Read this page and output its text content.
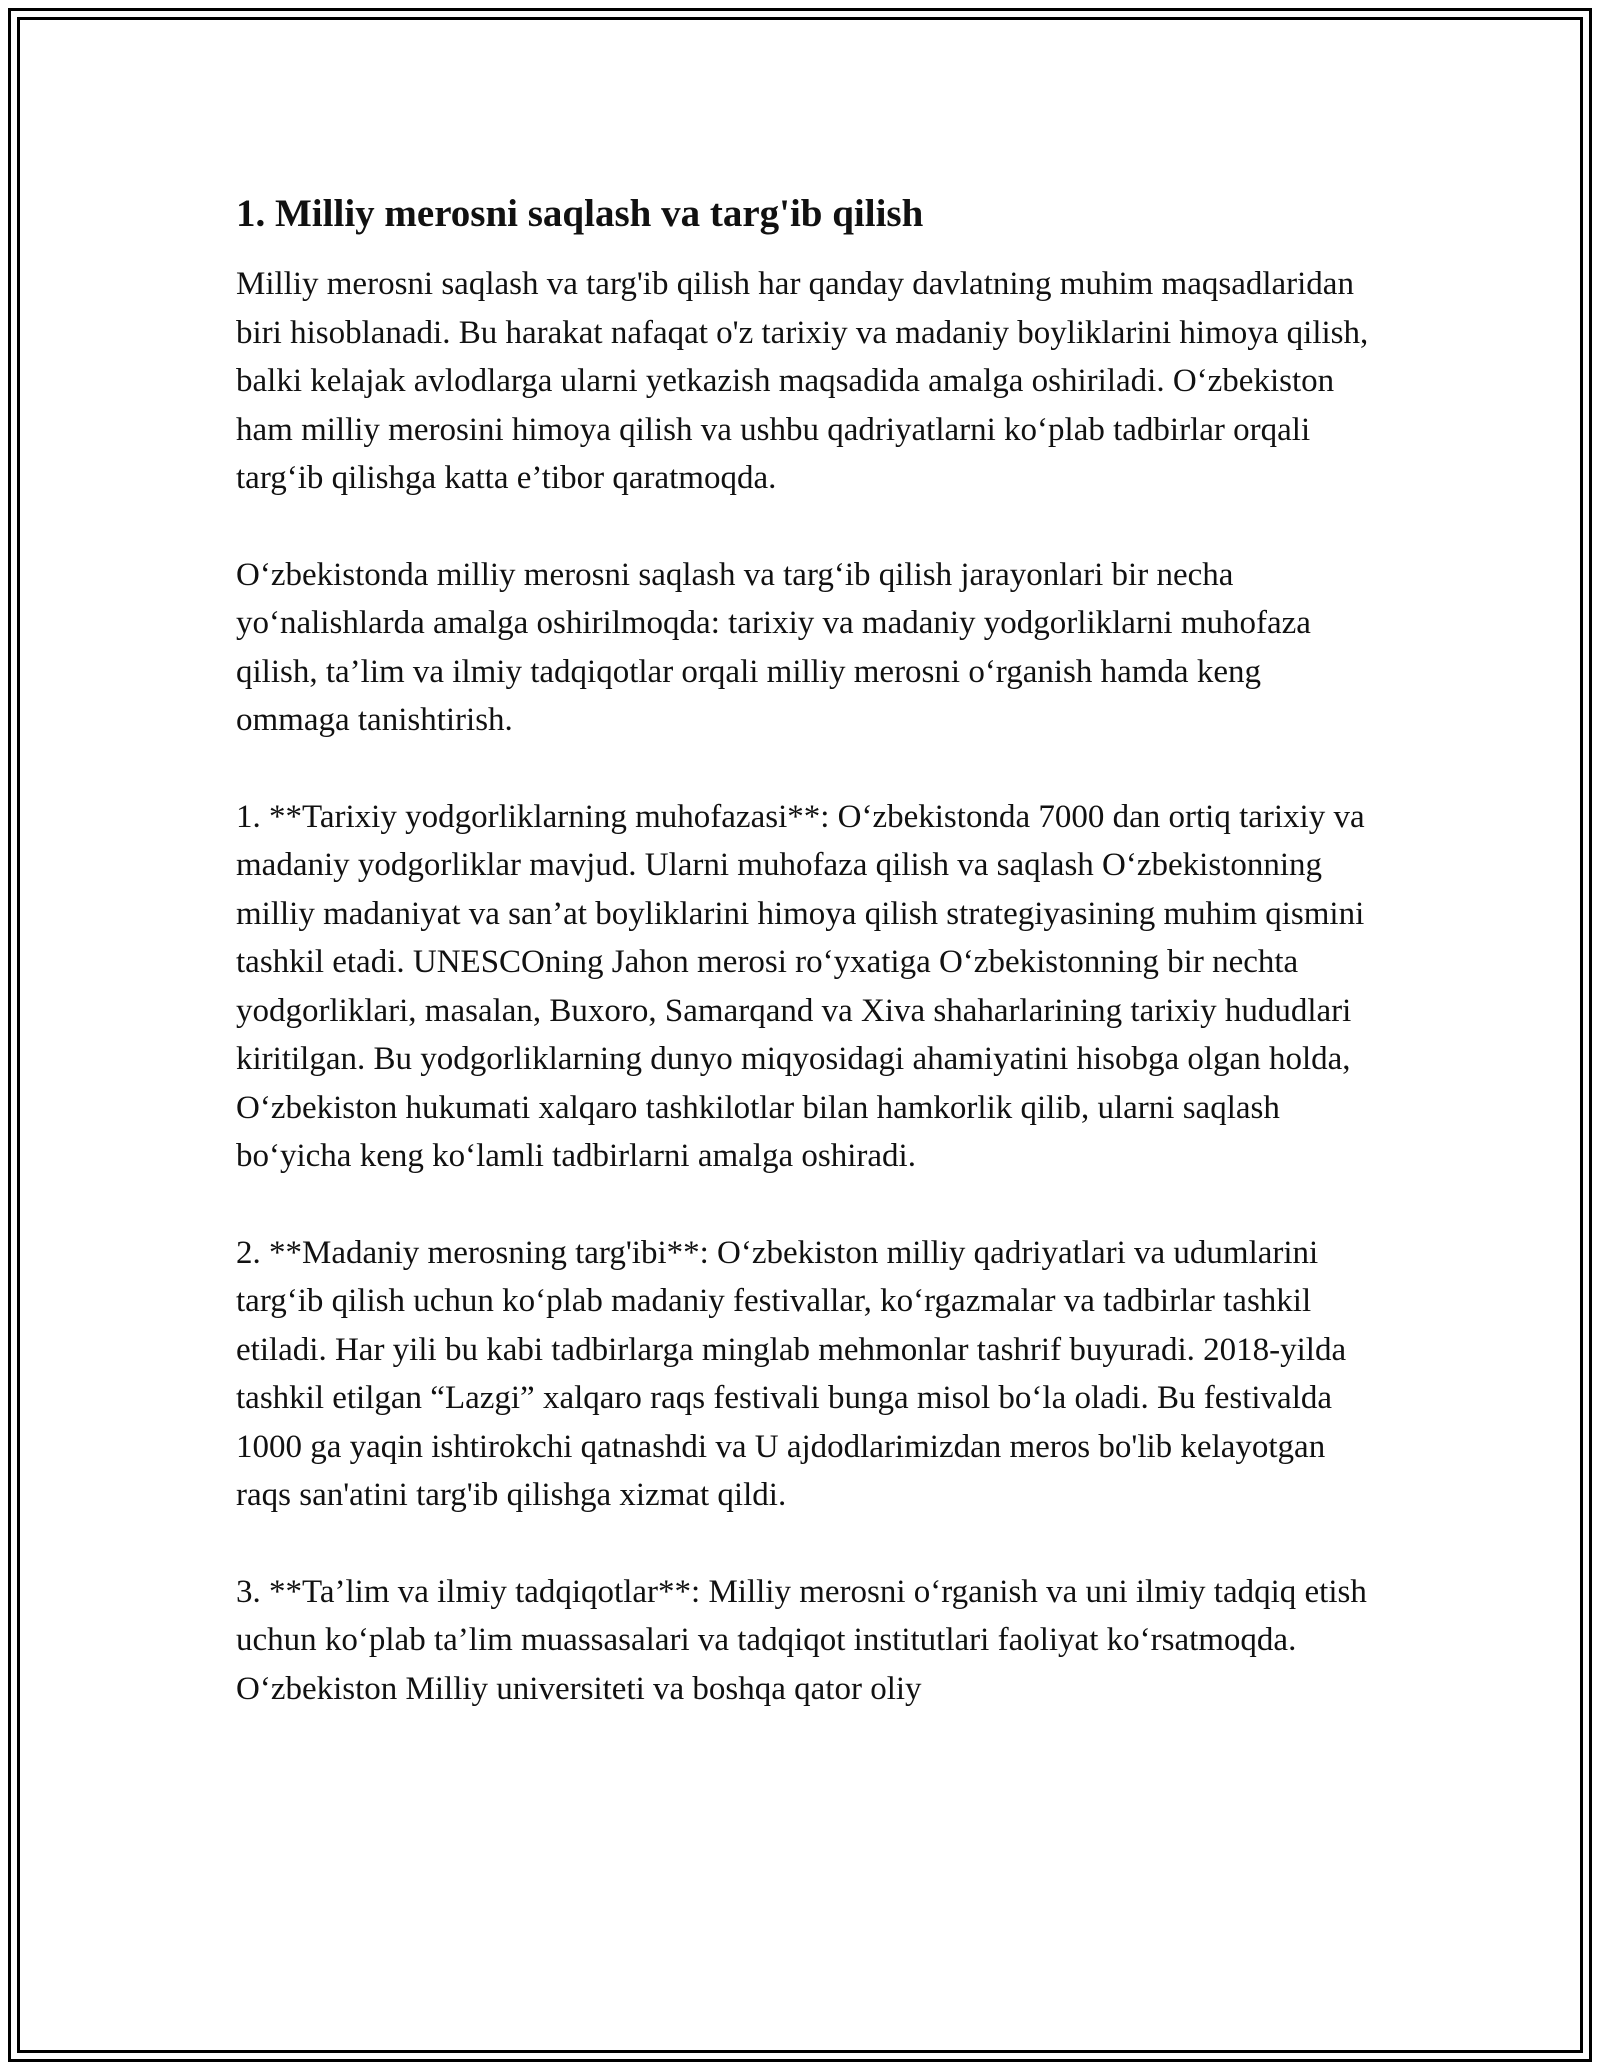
1. Milliy merosni saqlash va targ'ib qilish

Milliy merosni saqlash va targ'ib qilish har qanday davlatning muhim maqsadlaridan biri hisoblanadi. Bu harakat nafaqat o'z tarixiy va madaniy boyliklarini himoya qilish, balki kelajak avlodlarga ularni yetkazish maqsadida amalga oshiriladi. O‘zbekiston ham milliy merosini himoya qilish va ushbu qadriyatlarni ko‘plab tadbirlar orqali targ‘ib qilishga katta e’tibor qaratmoqda.

O‘zbekistonda milliy merosni saqlash va targ‘ib qilish jarayonlari bir necha yo‘nalishlarda amalga oshirilmoqda: tarixiy va madaniy yodgorliklarni muhofaza qilish, ta’lim va ilmiy tadqiqotlar orqali milliy merosni o‘rganish hamda keng ommaga tanishtirish.

1. **Tarixiy yodgorliklarning muhofazasi**: O‘zbekistonda 7000 dan ortiq tarixiy va madaniy yodgorliklar mavjud. Ularni muhofaza qilish va saqlash O‘zbekistonning milliy madaniyat va san’at boyliklarini himoya qilish strategiyasining muhim qismini tashkil etadi. UNESCOning Jahon merosi ro‘yxatiga O‘zbekistonning bir nechta yodgorliklari, masalan, Buxoro, Samarqand va Xiva shaharlarining tarixiy hududlari kiritilgan. Bu yodgorliklarning dunyo miqyosidagi ahamiyatini hisobga olgan holda, O‘zbekiston hukumati xalqaro tashkilotlar bilan hamkorlik qilib, ularni saqlash bo‘yicha keng ko‘lamli tadbirlarni amalga oshiradi.

2. **Madaniy merosning targ'ibi**: O‘zbekiston milliy qadriyatlari va udumlarini targ‘ib qilish uchun ko‘plab madaniy festivallar, ko‘rgazmalar va tadbirlar tashkil etiladi. Har yili bu kabi tadbirlarga minglab mehmonlar tashrif buyuradi. 2018-yilda tashkil etilgan “Lazgi” xalqaro raqs festivali bunga misol bo‘la oladi. Bu festivalda 1000 ga yaqin ishtirokchi qatnashdi va U ajdodlarimizdan meros bo'lib kelayotgan raqs san'atini targ'ib qilishga xizmat qildi.

3. **Ta’lim va ilmiy tadqiqotlar**: Milliy merosni o‘rganish va uni ilmiy tadqiq etish uchun ko‘plab ta’lim muassasalari va tadqiqot institutlari faoliyat ko‘rsatmoqda. O‘zbekiston Milliy universiteti va boshqa qator oliy
